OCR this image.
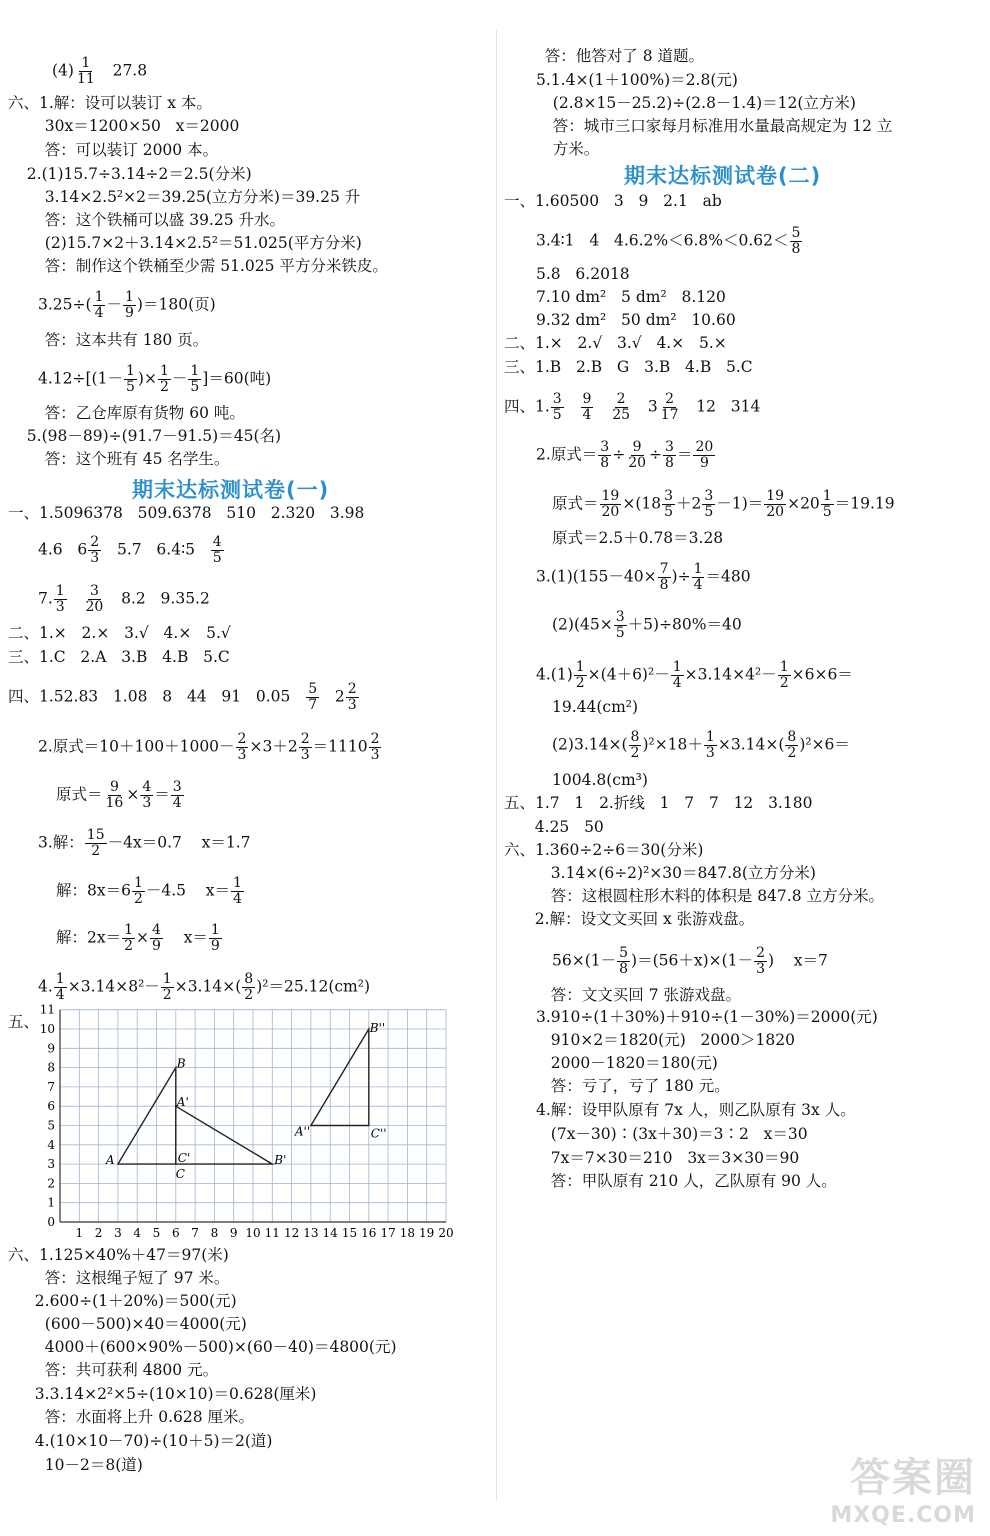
$(4) \frac{1}{11} 27.8$
六、1.解：设可以装订 x 本。
30x＝1200×50   x＝2000
答：可以装订 2000 本。
2.(1)15.7÷3.14÷2＝2.5(分米)
3.14×2.5²×2＝39.25(立方分米)＝39.25 升
答：这个铁桶可以盛 39.25 升水。
(2)15.7×2＋3.14×2.5²＝51.025(平方分米)
答：制作这个铁桶至少需 51.025 平方分米铁皮。
$3.25\div( \frac{1}{4} - \frac{1}{9} )=180$(页)
答：这本共有 180 页。
$4.12\div[(1- \frac{1}{5}$ )× $\frac{1}{2} - \frac{1}{5} ]=60$(吨)
答：乙仓库原有货物 60 吨。
5.(98－89)÷(91.7－91.5)＝45(名)
答：这个班有 45 名学生。
期末达标测试卷(一)
一、1.5096378   509.6378   510   2.320   3.98
4.6   $6 \frac{2}{3} 5.7$   6.4∶5 $\frac{4}{5}$
7. $\frac{1}{3}$
$\frac{3}{20} 8.2$   9.35.2
二、1.×   2.×   3.√   4.×   5.√
三、1.C   2.A   3.B   4.B   5.C
四、1.52.83   1.08   8   44   91   $0.05 \frac{5}{7} 2 \frac{2}{3}$
2.原式$=10+100+1000- \frac{2}{3} \times 3+2 \frac{2}{3} =1110 \frac{2}{3}$
原式＝ $\frac{9}{16} \times \frac{4}{3} = \frac{3}{4}$
3.解： $\frac{15}{2} -4x=0.7$    x＝1.7
解：$8x=6 \frac{1}{2} -4.5$    $x= \frac{1}{4}$
解：$2x= \frac{1}{2} \times \frac{4}{9} x= \frac{1}{9}$
4. $\frac{1}{4} \times 3.14\times 8^2- \frac{1}{2} \times 3.14\times( \frac{8}{2} )^2=25.12(cm^2)$
五、
1 2 3 4 5 6 7 8 9 10 11 12 13 14 15 16 17 18 19 20
0
1
2
3
4
5
6
7
8
9
10
11
A
B
C
A'
C'	B'
A''
B''
C''
六、1.125×40%＋47＝97(米)
答：这根绳子短了 97 米。
2.600÷(1＋20%)＝500(元)
(600－500)×40＝4000(元)
4000＋(600×90%－500)×(60－40)＝4800(元)
答：共可获利 4800 元。
3.3.14×2²×5÷(10×10)＝0.628(厘米)
答：水面将上升 0.628 厘米。
4.(10×10－70)÷(10＋5)＝2(道)
10－2＝8(道)
答：他答对了 8 道题。
5.1.4×(1＋100%)＝2.8(元)
(2.8×15－25.2)÷(2.8－1.4)＝12(立方米)
答：城市三口家每月标准用水量最高规定为 12 立
方米。
期末达标测试卷(二)
一、1.60500   3   9   2.1   ab
3.4∶1   4   $4.6.2\%<6.8\%<0.62< \frac{5}{8}$
5.8   6.2018
7.10 dm²   5 dm²   8.120
9.32 dm²   50 dm²   10.60
二、1.×   2.√   3.√   4.×   5.×
三、1.B   2.B   G   3.B   4.B   5.C
四、1. $\frac{3}{5}$
$\frac{9}{4}$
$\frac{2}{25} 3 \frac{2}{17} 12$   314
2.原式＝ $\frac{3}{8} \div \frac{9}{20} \div \frac{3}{8} = \frac{20}{9}$
原式＝ $\frac{19}{20} \times(18 \frac{3}{5} +2 \frac{3}{5} -1)= \frac{19}{20} \times 20 \frac{1}{5} =19.19$
原式＝2.5＋0.78＝3.28
$3.(1)(155-40\times \frac{7}{8}$ )÷ $\frac{1}{4} =480$
$(2)(45\times \frac{3}{5} +5)\div 80\%=40$
$4.(1) \frac{1}{2} \times(4+6)^2- \frac{1}{4} \times 3.14\times 4^2- \frac{1}{2} \times 6\times 6=$
19.44(cm²)
$(2)3.14\times( \frac{8}{2} )^2\times 18+ \frac{1}{3} \times 3.14\times( \frac{8}{2} )^2\times 6=$
1004.8(cm³)
五、1.7   1   2.折线   1   7   7   12   3.180
4.25   50
六、1.360÷2÷6＝30(分米)
3.14×(6÷2)²×30＝847.8(立方分米)
答：这根圆柱形木料的体积是 847.8 立方分米。
2.解：设文文买回 x 张游戏盘。
$56\times(1- \frac{5}{8} )=(56+x)\times(1- \frac{2}{3}$ )    x＝7
答：文文买回 7 张游戏盘。
3.910÷(1＋30%)＋910÷(1－30%)＝2000(元)
910×2＝1820(元)   2000＞1820
2000－1820＝180(元)
答：亏了，亏了 180 元。
4.解：设甲队原有 7x 人，则乙队原有 3x 人。
(7x－30)∶(3x＋30)＝3∶2   x＝30
7x＝7×30＝210   3x＝3×30＝90
答：甲队原有 210 人，乙队原有 90 人。
答案圈
MXQE.COM
